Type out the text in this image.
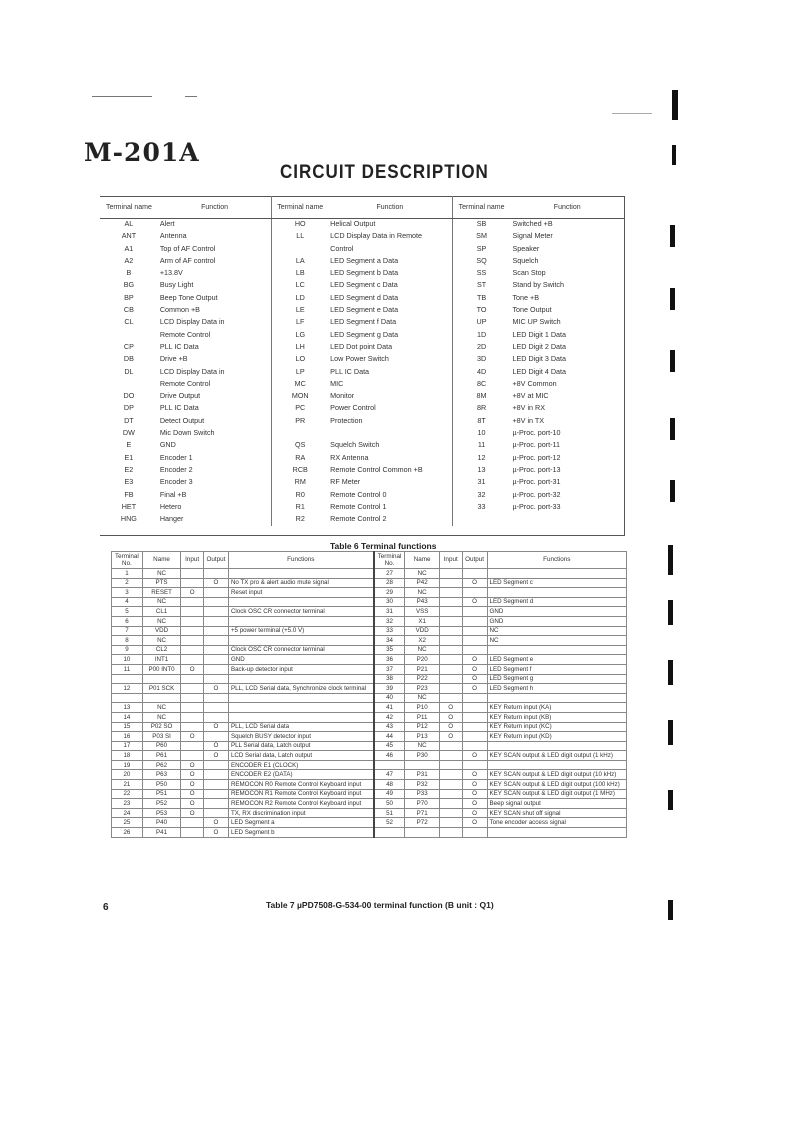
M-201A
CIRCUIT DESCRIPTION
Terminal name	Function	Terminal name	Function	Terminal name	Function
AL	Alert	HO	Helical Output	SB	Switched +B
ANT	Antenna	LL	LCD Display Data in Remote	SM	Signal Meter
A1	Top of AF Control		Control	SP	Speaker
A2	Arm of AF control	LA	LED Segment a Data	SQ	Squelch
B	+13.8V	LB	LED Segment b Data	SS	Scan Stop
BG	Busy Light	LC	LED Segment c Data	ST	Stand by Switch
BP	Beep Tone Output	LD	LED Segment d Data	TB	Tone +B
CB	Common +B	LE	LED Segment e Data	TO	Tone Output
CL	LCD Display Data in	LF	LED Segment f Data	UP	MIC UP Switch
	Remote Control	LG	LED Segment g Data	1D	LED Digit 1 Data
CP	PLL IC Data	LH	LED Dot point Data	2D	LED Digit 2 Data
DB	Drive +B	LO	Low Power Switch	3D	LED Digit 3 Data
DL	LCD Display Data in	LP	PLL IC Data	4D	LED Digit 4 Data
	Remote Control	MC	MIC	8C	+8V Common
DO	Drive Output	MON	Monitor	8M	+8V at MIC
DP	PLL IC Data	PC	Power Control	8R	+8V in RX
DT	Detect Output	PR	Protection	8T	+8V in TX
DW	Mic Down Switch			10	µ-Proc. port-10
E	GND	QS	Squelch Switch	11	µ-Proc. port-11
E1	Encoder 1	RA	RX Antenna	12	µ-Proc. port-12
E2	Encoder 2	RCB	Remote Control Common +B	13	µ-Proc. port-13
E3	Encoder 3	RM	RF Meter	31	µ-Proc. port-31
FB	Final +B	R0	Remote Control 0	32	µ-Proc. port-32
HET	Hetero	R1	Remote Control 1	33	µ-Proc. port-33
HNG	Hanger	R2	Remote Control 2		
Table 6 Terminal functions
Terminal No.	Name	Input	Output	Functions	Terminal No.	Name	Input	Output	Functions
1	NC				27	NC			
2	PTS		O	No TX pro & alert audio mute signal	28	P42		O	LED Segment c
3	RESET	O		Reset input	29	NC			
4	NC				30	P43		O	LED Segment d
5	CL1			Clock OSC CR connector terminal	31	VSS			GND
6	NC				32	X1			GND
7	VDD			+5 power terminal (+5.0 V)	33	VDD			NC
8	NC				34	X2			NC
9	CL2			Clock OSC CR connector terminal	35	NC			
10	INT1			GND	36	P20		O	LED Segment e
11	P00 INT0	O		Back-up detector input	37	P21		O	LED Segment f
					38	P22		O	LED Segment g
12	P01 SCK		O	PLL, LCD Serial data, Synchronize clock terminal	39	P23		O	LED Segment h
					40	NC			
13	NC				41	P10	O		KEY Return input (KA)
14	NC				42	P11	O		KEY Return input (KB)
15	P02 SO		O	PLL, LCD Serial data	43	P12	O		KEY Return input (KC)
16	P03 SI	O		Squelch BUSY detector input	44	P13	O		KEY Return input (KD)
17	P60		O	PLL Serial data, Latch output	45	NC			
18	P61		O	LCD Serial data, Latch output	46	P30		O	KEY SCAN output & LED digit output (1 kHz)
19	P62	O		ENCODER E1 (CLOCK)					
20	P63	O		ENCODER E2 (DATA)	47	P31		O	KEY SCAN output & LED digit output (10 kHz)
21	P50	O		REMOCON R0 Remote Control Keyboard input	48	P32		O	KEY SCAN output & LED digit output (100 kHz)
22	P51	O		REMOCON R1 Remote Control Keyboard input	49	P33		O	KEY SCAN output & LED digit output (1 MHz)
23	P52	O		REMOCON R2 Remote Control Keyboard input	50	P70		O	Beep signal output
24	P53	O		TX, RX discrimination input	51	P71		O	KEY SCAN shut off signal
25	P40		O	LED Segment a	52	P72		O	Tone encoder access signal
26	P41		O	LED Segment b					
6	Table 7 µPD7508-G-534-00 terminal function (B unit : Q1)
